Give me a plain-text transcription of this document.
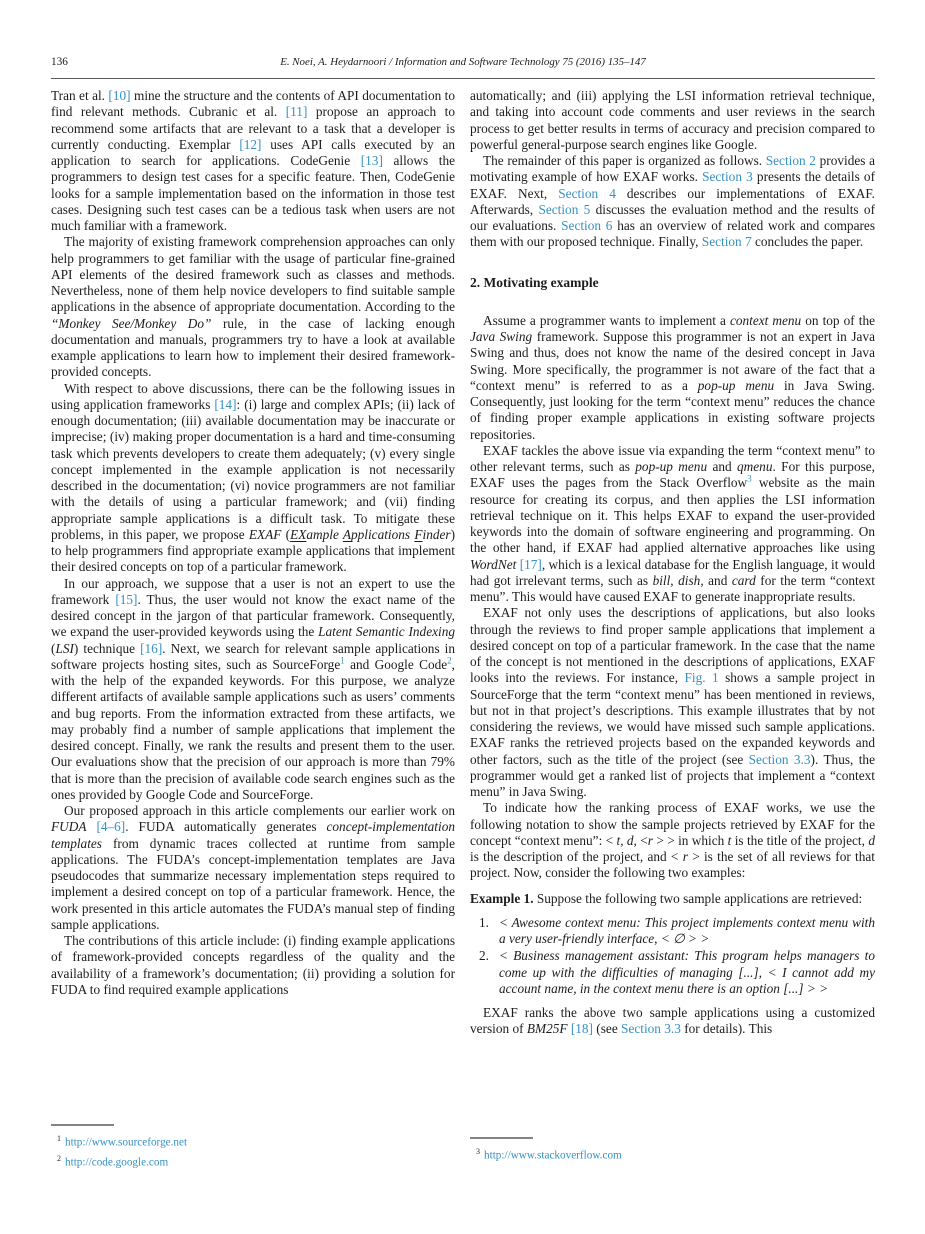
136	E. Noei, A. Heydarnoori / Information and Software Technology 75 (2016) 135–147

Tran et al. [10] mine the structure and the contents of API documentation to find relevant methods. Cubranic et al. [11] propose an approach to recommend some artifacts that are relevant to a task that a developer is currently conducting. Exemplar [12] uses API calls executed by an application to search for applications. CodeGenie [13] allows the programmers to design test cases for a specific feature. Then, CodeGenie looks for a sample implementation based on the information in those test cases. Designing such test cases can be a tedious task when users are not much familiar with a framework.

The majority of existing framework comprehension approaches can only help programmers to get familiar with the usage of particular fine-grained API elements of the desired framework such as classes and methods. Nevertheless, none of them help novice developers to find suitable sample applications in the absence of appropriate documentation. According to the “Monkey See/Monkey Do” rule, in the case of lacking enough documentation and manuals, programmers try to have a look at available example applications to learn how to implement their desired framework-provided concepts.

With respect to above discussions, there can be the following issues in using application frameworks [14]: (i) large and complex APIs; (ii) lack of enough documentation; (iii) available documentation may be inaccurate or imprecise; (iv) making proper documentation is a hard and time-consuming task which prevents developers to create them adequately; (v) every single concept implemented in the example application is not necessarily described in the documentation; (vi) novice programmers are not familiar with the details of using a particular framework; and (vii) finding appropriate sample applications is a difficult task. To mitigate these problems, in this paper, we propose EXAF (EXample Applications Finder) to help programmers find appropriate example applications that implement their desired concepts on top of a particular framework.

In our approach, we suppose that a user is not an expert to use the framework [15]. Thus, the user would not know the exact name of the desired concept in the jargon of that particular framework. Consequently, we expand the user-provided keywords using the Latent Semantic Indexing (LSI) technique [16]. Next, we search for relevant sample applications in software projects hosting sites, such as SourceForge$^1$ and Google Code$^2$, with the help of the expanded keywords. For this purpose, we analyze different artifacts of available sample applications such as users’ comments and bug reports. From the information extracted from these artifacts, we may probably find a number of sample applications that implement the desired concept. Finally, we rank the results and present them to the user. Our evaluations show that the precision of our approach is more than 79% that is more than the precision of available code search engines such as the ones provided by Google Code and SourceForge.

Our proposed approach in this article complements our earlier work on FUDA [4–6]. FUDA automatically generates concept-implementation templates from dynamic traces collected at runtime from sample applications. The FUDA’s concept-implementation templates are Java pseudocodes that summarize necessary implementation steps required to implement a desired concept on top of a particular framework. Hence, the work presented in this article automates the FUDA’s manual step of finding sample applications.

The contributions of this article include: (i) finding example applications of framework-provided concepts regardless of the quality and the availability of a framework’s documentation; (ii) providing a solution for FUDA to find required example applications

automatically; and (iii) applying the LSI information retrieval technique, and taking into account code comments and user reviews in the search process to get better results in terms of accuracy and precision compared to powerful general-purpose search engines like Google.

The remainder of this paper is organized as follows. Section 2 provides a motivating example of how EXAF works. Section 3 presents the details of EXAF. Next, Section 4 describes our implementations of EXAF. Afterwards, Section 5 discusses the evaluation method and the results of our evaluations. Section 6 has an overview of related work and compares them with our proposed technique. Finally, Section 7 concludes the paper.

2. Motivating example

Assume a programmer wants to implement a context menu on top of the Java Swing framework. Suppose this programmer is not an expert in Java Swing and thus, does not know the name of the desired concept in Java Swing. More specifically, the programmer is not aware of the fact that a “context menu” is referred to as a pop-up menu in Java Swing. Consequently, just looking for the term “context menu” reduces the chance of finding proper example applications in existing software projects repositories.

EXAF tackles the above issue via expanding the term “context menu” to other relevant terms, such as pop-up menu and qmenu. For this purpose, EXAF uses the pages from the Stack Overflow$^3$ website as the main resource for creating its corpus, and then applies the LSI information retrieval technique on it. This helps EXAF to expand the user-provided keywords into the domain of software engineering and programming. On the other hand, if EXAF had applied alternative approaches like using WordNet [17], which is a lexical database for the English language, it would had got irrelevant terms, such as bill, dish, and card for the term “context menu”. This would have caused EXAF to generate inappropriate results.

EXAF not only uses the descriptions of applications, but also looks through the reviews to find proper sample applications that implement a desired concept on top of a particular framework. In the case that the name of the concept is not mentioned in the descriptions of applications, EXAF looks into the reviews. For instance, Fig. 1 shows a sample project in SourceForge that the term “context menu” has been mentioned in reviews, but not in that project’s descriptions. This example illustrates that by not considering the reviews, we would have missed such sample applications. EXAF ranks the retrieved projects based on the expanded keywords and other factors, such as the title of the project (see Section 3.3). Thus, the programmer would get a ranked list of projects that implement a “context menu” in Java Swing.

To indicate how the ranking process of EXAF works, we use the following notation to show the sample projects retrieved by EXAF for the concept “context menu”: < t, d, <r > > in which t is the title of the project, d is the description of the project, and < r > is the set of all reviews for that project. Now, consider the following two examples:

Example 1. Suppose the following two sample applications are retrieved:

1. < Awesome context menu: This project implements context menu with a very user-friendly interface, < ∅ > >
2. < Business management assistant: This program helps managers to come up with the difficulties of managing [...], < I cannot add my account name, in the context menu there is an option [...] > >

EXAF ranks the above two sample applications using a customized version of BM25F [18] (see Section 3.3 for details). This

$^1$ http://www.sourceforge.net
$^2$ http://code.google.com
$^3$ http://www.stackoverflow.com
